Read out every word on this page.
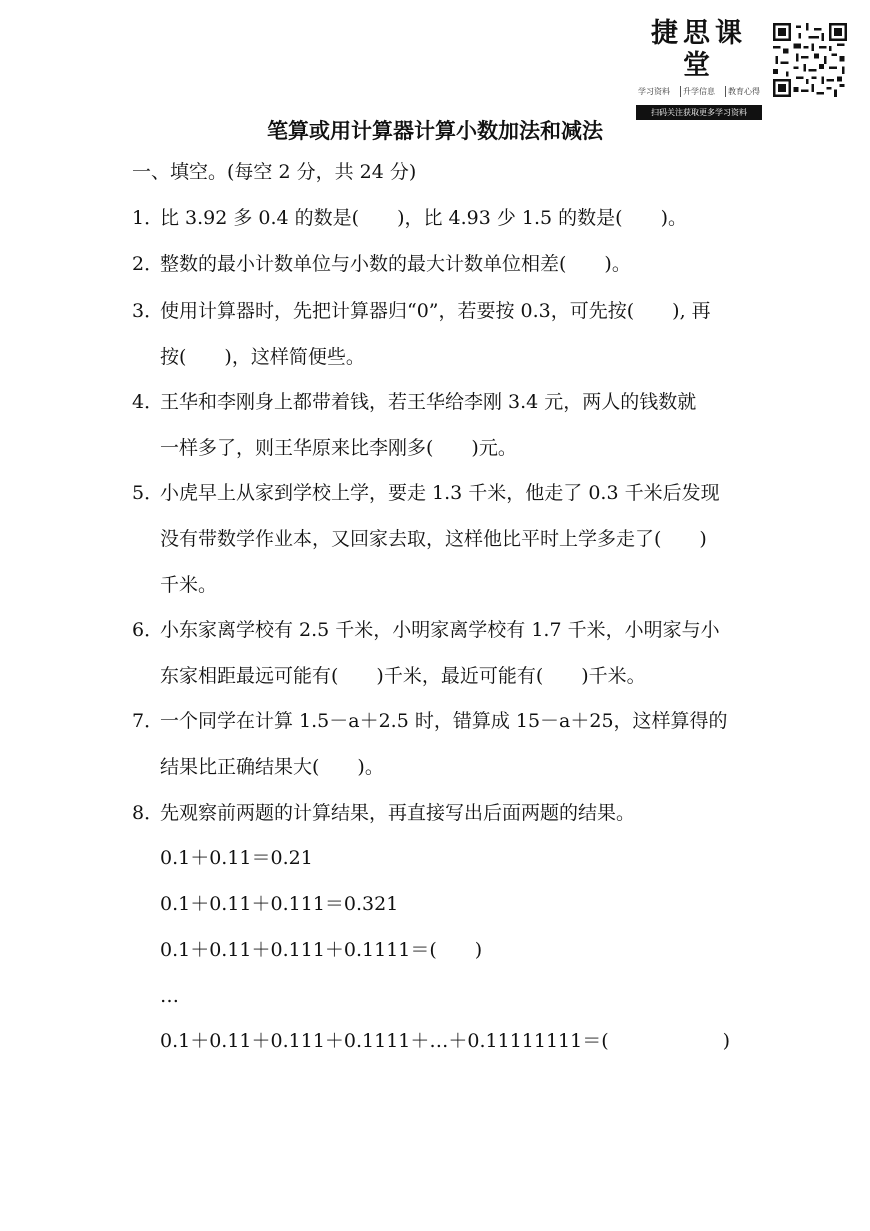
捷思课堂
学习资料	升学信息	教育心得
扫码关注获取更多学习资料
笔算或用计算器计算小数加法和减法
一、填空。(每空 2 分，共 24 分)
1．比 3.92 多 0.4 的数是(　　)，比 4.93 少 1.5 的数是(　　)。
2．整数的最小计数单位与小数的最大计数单位相差(　　)。
3．使用计算器时，先把计算器归“0”，若要按 0.3，可先按(　　), 再
按(　　)，这样简便些。
4．王华和李刚身上都带着钱，若王华给李刚 3.4 元，两人的钱数就
一样多了，则王华原来比李刚多(　　)元。
5．小虎早上从家到学校上学，要走 1.3 千米，他走了 0.3 千米后发现
没有带数学作业本，又回家去取，这样他比平时上学多走了(　　)
千米。
6．小东家离学校有 2.5 千米，小明家离学校有 1.7 千米，小明家与小
东家相距最远可能有(　　)千米，最近可能有(　　)千米。
7．一个同学在计算 1.5－a＋2.5 时，错算成 15－a＋25，这样算得的
结果比正确结果大(　　)。
8．先观察前两题的计算结果，再直接写出后面两题的结果。
0.1＋0.11＝0.21
0.1＋0.11＋0.111＝0.321
0.1＋0.11＋0.111＋0.1111＝(　　)
…
0.1＋0.11＋0.111＋0.1111＋…＋0.11111111＝(　　　　　　)
